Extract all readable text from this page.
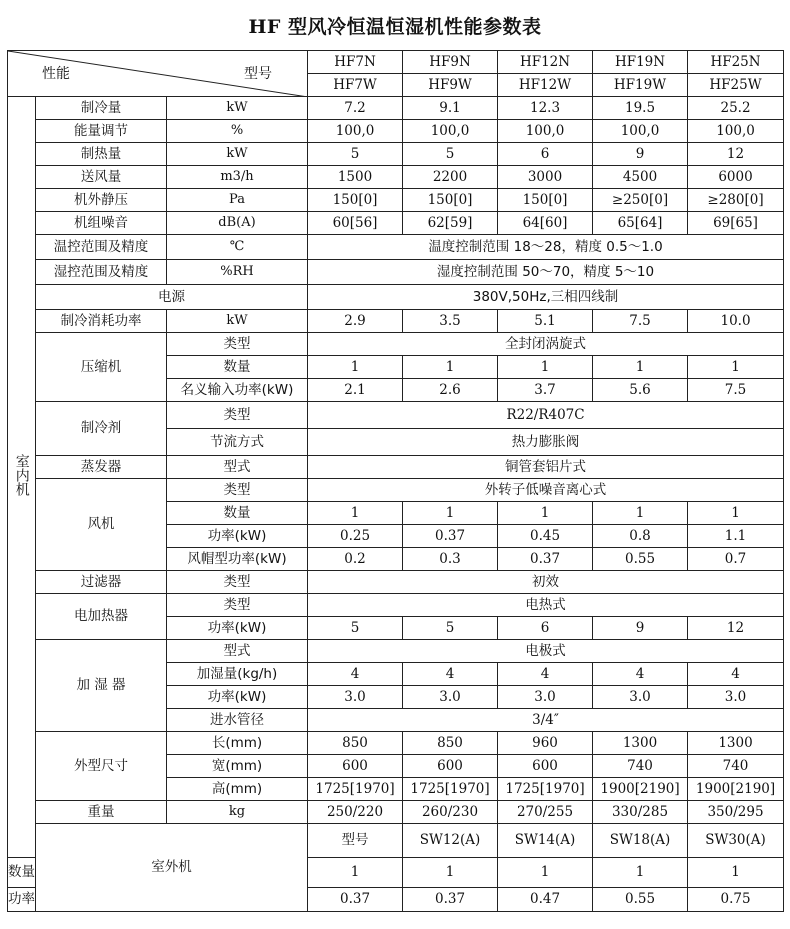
HF 型风冷恒温恒湿机性能参数表
性能 型号			HF7N	HF9N	HF12N	HF19N	HF25N	
			HF7W	HF9W	HF12W	HF19W	HF25W	
室内机	制冷量	kW	7.2	9.1	12.3	19.5	25.2	
	能量调节	%	100,0	100,0	100,0	100,0	100,0	
	制热量	kW	5	5	6	9	12	
	送风量	m3/h	1500	2200	3000	4500	6000	
	机外静压	Pa	150[0]	150[0]	150[0]	≥250[0]	≥280[0]	
	机组噪音	dB(A)	60[56]	62[59]	64[60]	65[64]	69[65]	
	温控范围及精度	℃	温度控制范围 18～28，精度 0.5～1.0					
	湿控范围及精度	%RH	湿度控制范围 50～70，精度 5～10					
	电源		380V,50Hz,三相四线制					
	制冷消耗功率	kW	2.9	3.5	5.1	7.5	10.0	
	压缩机	类型	全封闭涡旋式					
		数量	1	1	1	1	1	
		名义输入功率(kW)	2.1	2.6	3.7	5.6	7.5	
	制冷剂	类型	R22/R407C					
		节流方式	热力膨胀阀					
	蒸发器	型式	铜管套铝片式					
	风机	类型	外转子低噪音离心式					
		数量	1	1	1	1	1	
		功率(kW)	0.25	0.37	0.45	0.8	1.1	
		风帽型功率(kW)	0.2	0.3	0.37	0.55	0.7	
	过滤器	类型	初效					
	电加热器	类型	电热式					
		功率(kW)	5	5	6	9	12	
	加 湿 器	型式	电极式					
		加湿量(kg/h)	4	4	4	4	4	
		功率(kW)	3.0	3.0	3.0	3.0	3.0	
		进水管径	3/4″					
	外型尺寸	长(mm)	850	850	960	1300	1300	
		宽(mm)	600	600	600	740	740	
		高(mm)	1725[1970]	1725[1970]	1725[1970]	1900[2190]	1900[2190]	
	重量	kg	250/220	260/230	270/255	330/285	350/295	
	室外机		型号	SW12(A)	SW14(A)	SW18(A)	SW30(A)	
数量			1	1	1	1	1	
功率			0.37	0.37	0.47	0.55	0.75	
